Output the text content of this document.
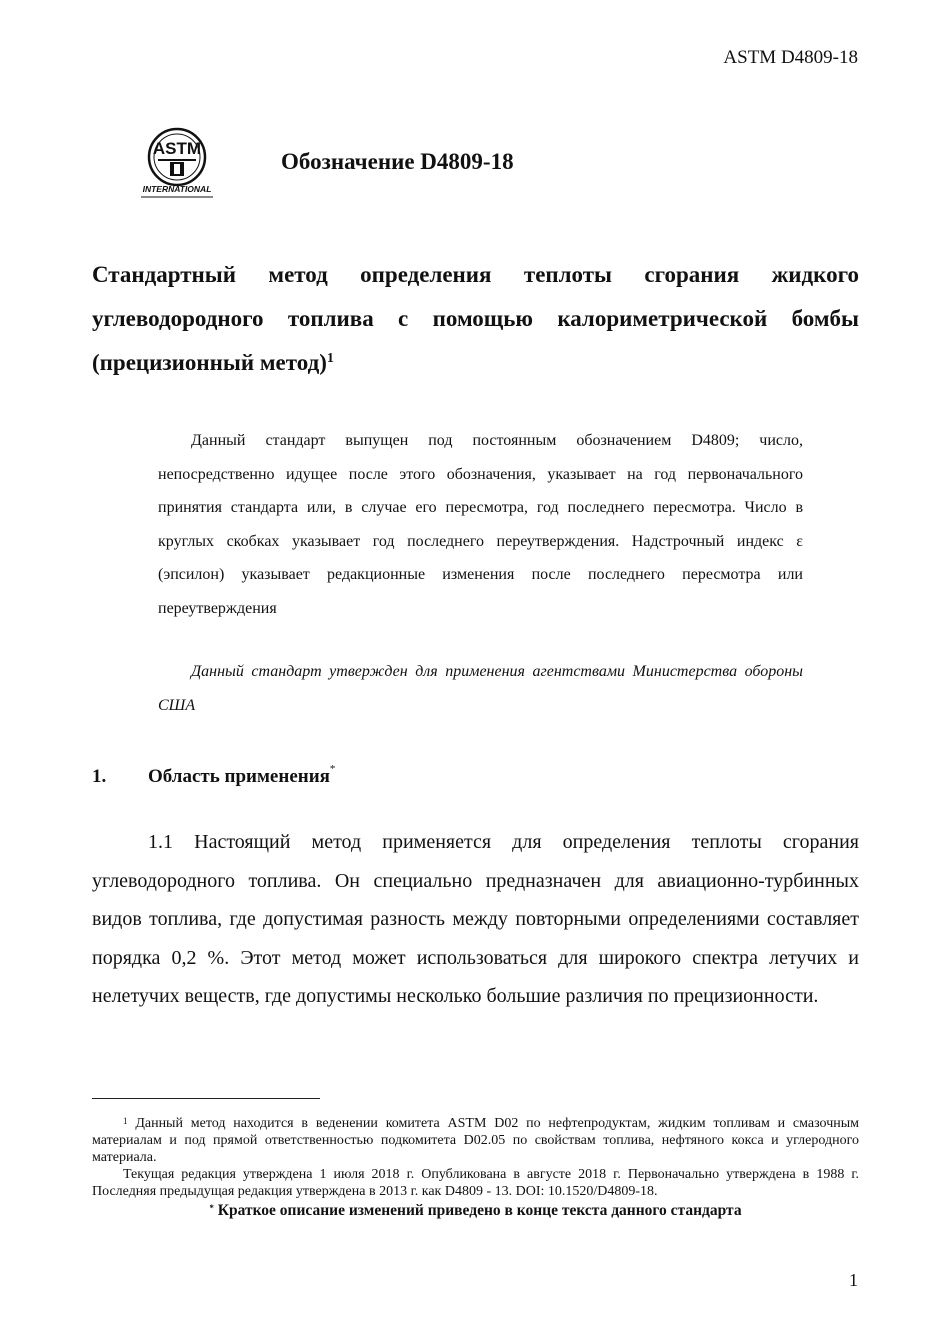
ASTM D4809-18
ASTM
INTERNATIONAL
Обозначение D4809-18
Стандартный метод определения теплоты сгорания жидкого углеводородного топлива с помощью калориметрической бомбы (прецизионный метод)$^1$
Данный стандарт выпущен под постоянным обозначением D4809; число, непосредственно идущее после этого обозначения, указывает на год первоначального принятия стандарта или, в случае его пересмотра, год последнего пересмотра. Число в круглых скобках указывает год последнего переутверждения. Надстрочный индекс ε (эпсилон) указывает редакционные изменения после последнего пересмотра или переутверждения
Данный стандарт утвержден для применения агентствами Министерства обороны США
1. Область применения*
1.1 Настоящий метод применяется для определения теплоты сгорания углеводородного топлива. Он специально предназначен для авиационно-турбинных видов топлива, где допустимая разность между повторными определениями составляет порядка 0,2 %. Этот метод может использоваться для широкого спектра летучих и нелетучих веществ, где допустимы несколько большие различия по прецизионности.

$^1$ Данный метод находится в веденении комитета ASTM D02 по нефтепродуктам, жидким топливам и смазочным материалам и под прямой ответственностью подкомитета D02.05 по свойствам топлива, нефтяного кокса и углеродного материала.

Текущая редакция утверждена 1 июля 2018 г. Опубликована в августе 2018 г. Первоначально утверждена в 1988 г. Последняя предыдущая редакция утверждена в 2013 г. как D4809 - 13. DOI: 10.1520/D4809-18.

* Краткое описание изменений приведено в конце текста данного стандарта

1
